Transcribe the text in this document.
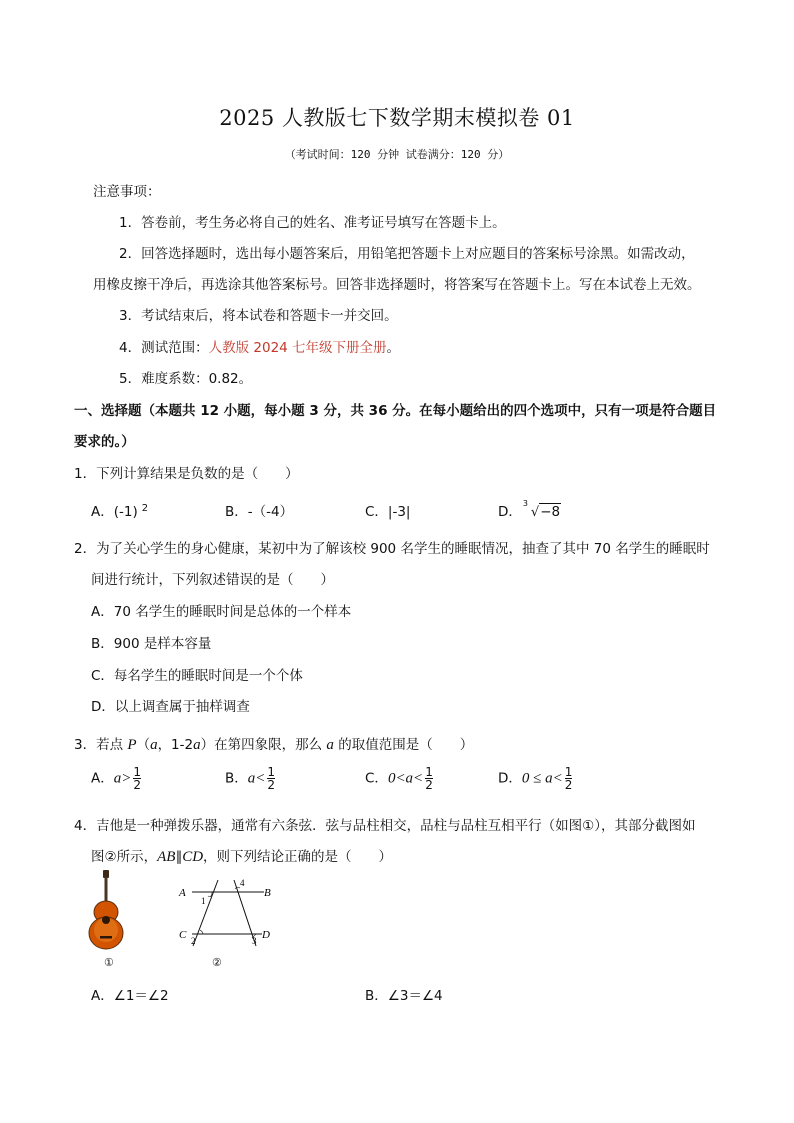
2025 人教版七下数学期末模拟卷 01
（考试时间：120 分钟 试卷满分：120 分）
注意事项：
1．答卷前，考生务必将自己的姓名、准考证号填写在答题卡上。
2．回答选择题时，选出每小题答案后，用铅笔把答题卡上对应题目的答案标号涂黑。如需改动，
用橡皮擦干净后，再选涂其他答案标号。回答非选择题时，将答案写在答题卡上。写在本试卷上无效。
3．考试结束后，将本试卷和答题卡一并交回。
4．测试范围：人教版 2024 七年级下册全册。
5．难度系数：0.82。
一、选择题（本题共 12 小题，每小题 3 分，共 36 分。在每小题给出的四个选项中，只有一项是符合题目
要求的。）
1．下列计算结果是负数的是（　　）
A．(-1) $^2$	B．-（-4）	C．|-3|	D．
3
√−8
2．为了关心学生的身心健康，某初中为了解该校 900 名学生的睡眠情况，抽查了其中 70 名学生的睡眠时
间进行统计，下列叙述错误的是（　　）
A．70 名学生的睡眠时间是总体的一个样本
B．900 是样本容量
C．每名学生的睡眠时间是一个个体
D．以上调查属于抽样调查
3．若点 P（a，1-2a）在第四象限，那么 a 的取值范围是（　　）
A．$a> \frac{1}{2}$	B．$a< \frac{1}{2}$	C．$0<a< \frac{1}{2}$	D．$0 \le a< \frac{1}{2}$
4．吉他是一种弹拨乐器，通常有六条弦．弦与品柱相交，品柱与品柱互相平行（如图①），其部分截图如
图②所示，AB∥CD，则下列结论正确的是（　　）
①
A	B
C	D
1
4
2	3
②
A．∠1＝∠2	B．∠3＝∠4
